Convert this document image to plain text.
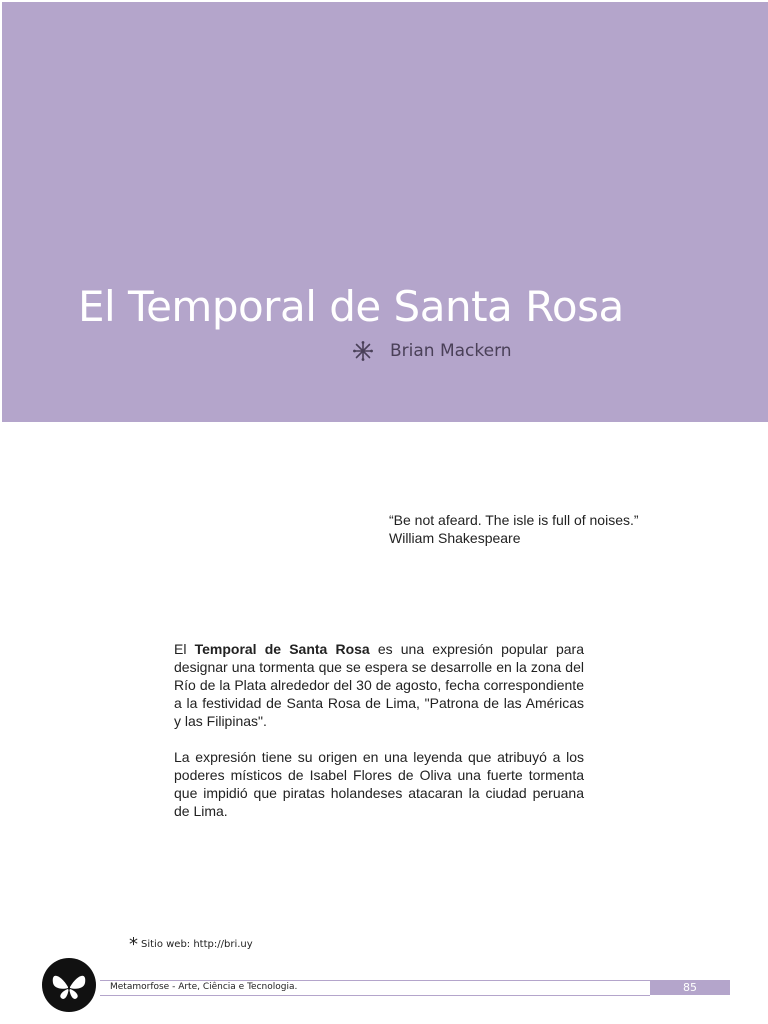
El Temporal de Santa Rosa
Brian Mackern
“Be not afeard. The isle is full of noises.”
William Shakespeare

El Temporal de Santa Rosa es una expresión popular para designar una tormenta que se espera se desarrolle en la zona del Río de la Plata alrededor del 30 de agosto, fecha correspondiente a la festividad de Santa Rosa de Lima, "Patrona de las Américas y las Filipinas".

La expresión tiene su origen en una leyenda que atribuyó a los poderes místicos de Isabel Flores de Oliva una fuerte tormenta que impidió que piratas holandeses atacaran la ciudad peruana de Lima.

* Sitio web: http://bri.uy
Metamorfose - Arte, Ciência e Tecnologia.	85
